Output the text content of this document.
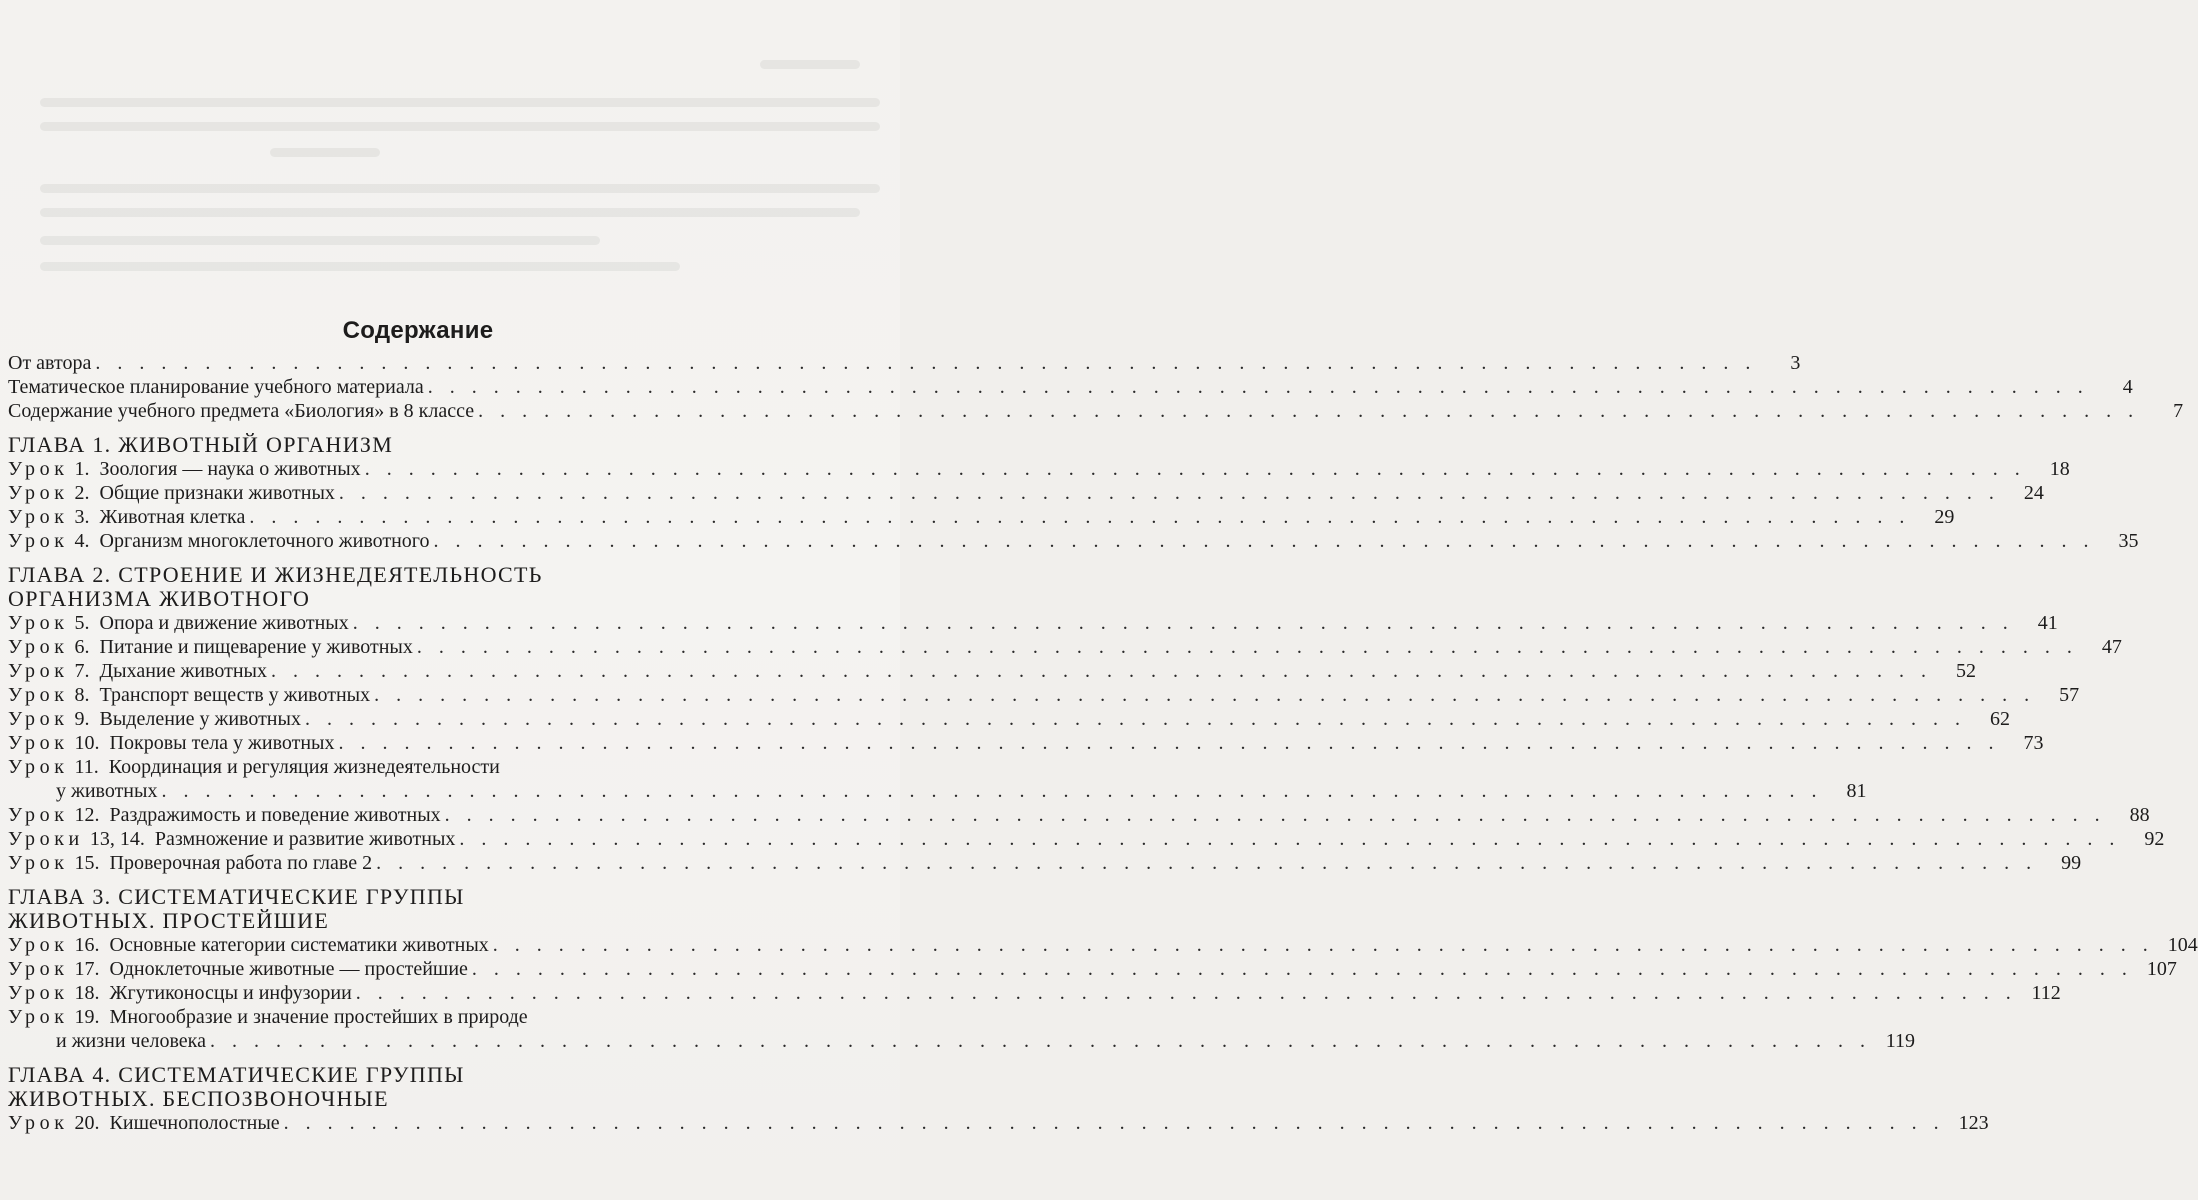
Содержание
От автора . . . . . . . . . . . . . . . . . . . . . . . . . . . . . . . . . . . . . . . . . . . . . . . . . . . . . . . . . . . . . . . . . . . . . . . . . . . .	3
Тематическое планирование учебного материала . . . . . . . . . . . . . . . . . . . . . . . . . . . . . . . . . . . . . . . . . . . . . . . . . . . . . . . . . . . . . . . . . . . . . . . . . . . .	4
Содержание учебного предмета «Биология» в 8 классе . . . . . . . . . . . . . . . . . . . . . . . . . . . . . . . . . . . . . . . . . . . . . . . . . . . . . . . . . . . . . . . . . . . . . . . . . . . .	7
ГЛАВА 1. ЖИВОТНЫЙ ОРГАНИЗМ
Урок 1. Зоология — наука о животных . . . . . . . . . . . . . . . . . . . . . . . . . . . . . . . . . . . . . . . . . . . . . . . . . . . . . . . . . . . . . . . . . . . . . . . . . . . .	18
Урок 2. Общие признаки животных . . . . . . . . . . . . . . . . . . . . . . . . . . . . . . . . . . . . . . . . . . . . . . . . . . . . . . . . . . . . . . . . . . . . . . . . . . . .	24
Урок 3. Животная клетка . . . . . . . . . . . . . . . . . . . . . . . . . . . . . . . . . . . . . . . . . . . . . . . . . . . . . . . . . . . . . . . . . . . . . . . . . . . .	29
Урок 4. Организм многоклеточного животного . . . . . . . . . . . . . . . . . . . . . . . . . . . . . . . . . . . . . . . . . . . . . . . . . . . . . . . . . . . . . . . . . . . . . . . . . . . .	35
ГЛАВА 2. СТРОЕНИЕ И ЖИЗНЕДЕЯТЕЛЬНОСТЬ
ОРГАНИЗМА ЖИВОТНОГО
Урок 5. Опора и движение животных . . . . . . . . . . . . . . . . . . . . . . . . . . . . . . . . . . . . . . . . . . . . . . . . . . . . . . . . . . . . . . . . . . . . . . . . . . . .	41
Урок 6. Питание и пищеварение у животных . . . . . . . . . . . . . . . . . . . . . . . . . . . . . . . . . . . . . . . . . . . . . . . . . . . . . . . . . . . . . . . . . . . . . . . . . . . .	47
Урок 7. Дыхание животных . . . . . . . . . . . . . . . . . . . . . . . . . . . . . . . . . . . . . . . . . . . . . . . . . . . . . . . . . . . . . . . . . . . . . . . . . . . .	52
Урок 8. Транспорт веществ у животных . . . . . . . . . . . . . . . . . . . . . . . . . . . . . . . . . . . . . . . . . . . . . . . . . . . . . . . . . . . . . . . . . . . . . . . . . . . .	57
Урок 9. Выделение у животных . . . . . . . . . . . . . . . . . . . . . . . . . . . . . . . . . . . . . . . . . . . . . . . . . . . . . . . . . . . . . . . . . . . . . . . . . . . .	62
Урок 10. Покровы тела у животных . . . . . . . . . . . . . . . . . . . . . . . . . . . . . . . . . . . . . . . . . . . . . . . . . . . . . . . . . . . . . . . . . . . . . . . . . . . .	73
Урок 11. Координация и регуляция жизнедеятельности
у животных . . . . . . . . . . . . . . . . . . . . . . . . . . . . . . . . . . . . . . . . . . . . . . . . . . . . . . . . . . . . . . . . . . . . . . . . . . . .	81
Урок 12. Раздражимость и поведение животных . . . . . . . . . . . . . . . . . . . . . . . . . . . . . . . . . . . . . . . . . . . . . . . . . . . . . . . . . . . . . . . . . . . . . . . . . . . .	88
Уроки 13, 14. Размножение и развитие животных . . . . . . . . . . . . . . . . . . . . . . . . . . . . . . . . . . . . . . . . . . . . . . . . . . . . . . . . . . . . . . . . . . . . . . . . . . . .	92
Урок 15. Проверочная работа по главе 2 . . . . . . . . . . . . . . . . . . . . . . . . . . . . . . . . . . . . . . . . . . . . . . . . . . . . . . . . . . . . . . . . . . . . . . . . . . . .	99
ГЛАВА 3. СИСТЕМАТИЧЕСКИЕ ГРУППЫ
ЖИВОТНЫХ. ПРОСТЕЙШИЕ
Урок 16. Основные категории систематики животных . . . . . . . . . . . . . . . . . . . . . . . . . . . . . . . . . . . . . . . . . . . . . . . . . . . . . . . . . . . . . . . . . . . . . . . . . . . . 104
Урок 17. Одноклеточные животные — простейшие . . . . . . . . . . . . . . . . . . . . . . . . . . . . . . . . . . . . . . . . . . . . . . . . . . . . . . . . . . . . . . . . . . . . . . . . . . . . 107
Урок 18. Жгутиконосцы и инфузории . . . . . . . . . . . . . . . . . . . . . . . . . . . . . . . . . . . . . . . . . . . . . . . . . . . . . . . . . . . . . . . . . . . . . . . . . . . . 112
Урок 19. Многообразие и значение простейших в природе
и жизни человека . . . . . . . . . . . . . . . . . . . . . . . . . . . . . . . . . . . . . . . . . . . . . . . . . . . . . . . . . . . . . . . . . . . . . . . . . . . . 119
ГЛАВА 4. СИСТЕМАТИЧЕСКИЕ ГРУППЫ
ЖИВОТНЫХ. БЕСПОЗВОНОЧНЫЕ
Урок 20. Кишечнополостные . . . . . . . . . . . . . . . . . . . . . . . . . . . . . . . . . . . . . . . . . . . . . . . . . . . . . . . . . . . . . . . . . . . . . . . . . . . . 123
